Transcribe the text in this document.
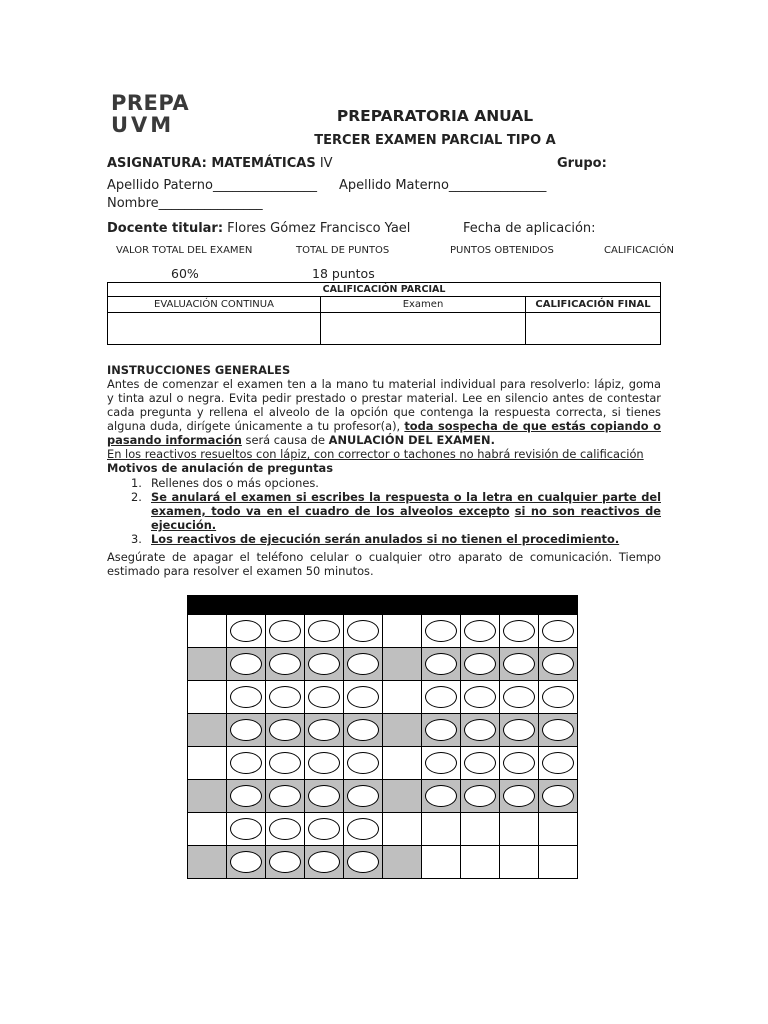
PREPA
UVM	PREPARATORIA ANUAL
TERCER EXAMEN PARCIAL TIPO A
ASIGNATURA: MATEMÁTICAS IV	Grupo:
Apellido Paterno________________ Apellido Materno_______________
Nombre________________
Docente titular: Flores Gómez Francisco Yael	Fecha de aplicación:
VALOR TOTAL DEL EXAMEN	TOTAL DE PUNTOS	PUNTOS OBTENIDOS	CALIFICACIÓN
60%	18 puntos
CALIFICACIÓN PARCIAL		
EVALUACIÓN CONTINUA	Examen	CALIFICACIÓN FINAL

INSTRUCCIONES GENERALES
Antes de comenzar el examen ten a la mano tu material individual para resolverlo: lápiz, goma y tinta azul o negra. Evita pedir prestado o prestar material. Lee en silencio antes de contestar cada pregunta y rellena el alveolo de la opción que contenga la respuesta correcta, si tienes alguna duda, dirígete únicamente a tu profesor(a), toda sospecha de que estás copiando o pasando información será causa de ANULACIÓN DEL EXAMEN.
En los reactivos resueltos con lápiz, con corrector o tachones no habrá revisión de calificación
Motivos de anulación de preguntas
1. Rellenes dos o más opciones.
2. Se anulará el examen si escribes la respuesta o la letra en cualquier parte del examen, todo va en el cuadro de los alveolos excepto si no son reactivos de ejecución.
3. Los reactivos de ejecución serán anulados si no tienen el procedimiento.
Asegúrate de apagar el teléfono celular o cualquier otro aparato de comunicación. Tiempo estimado para resolver el examen 50 minutos.
